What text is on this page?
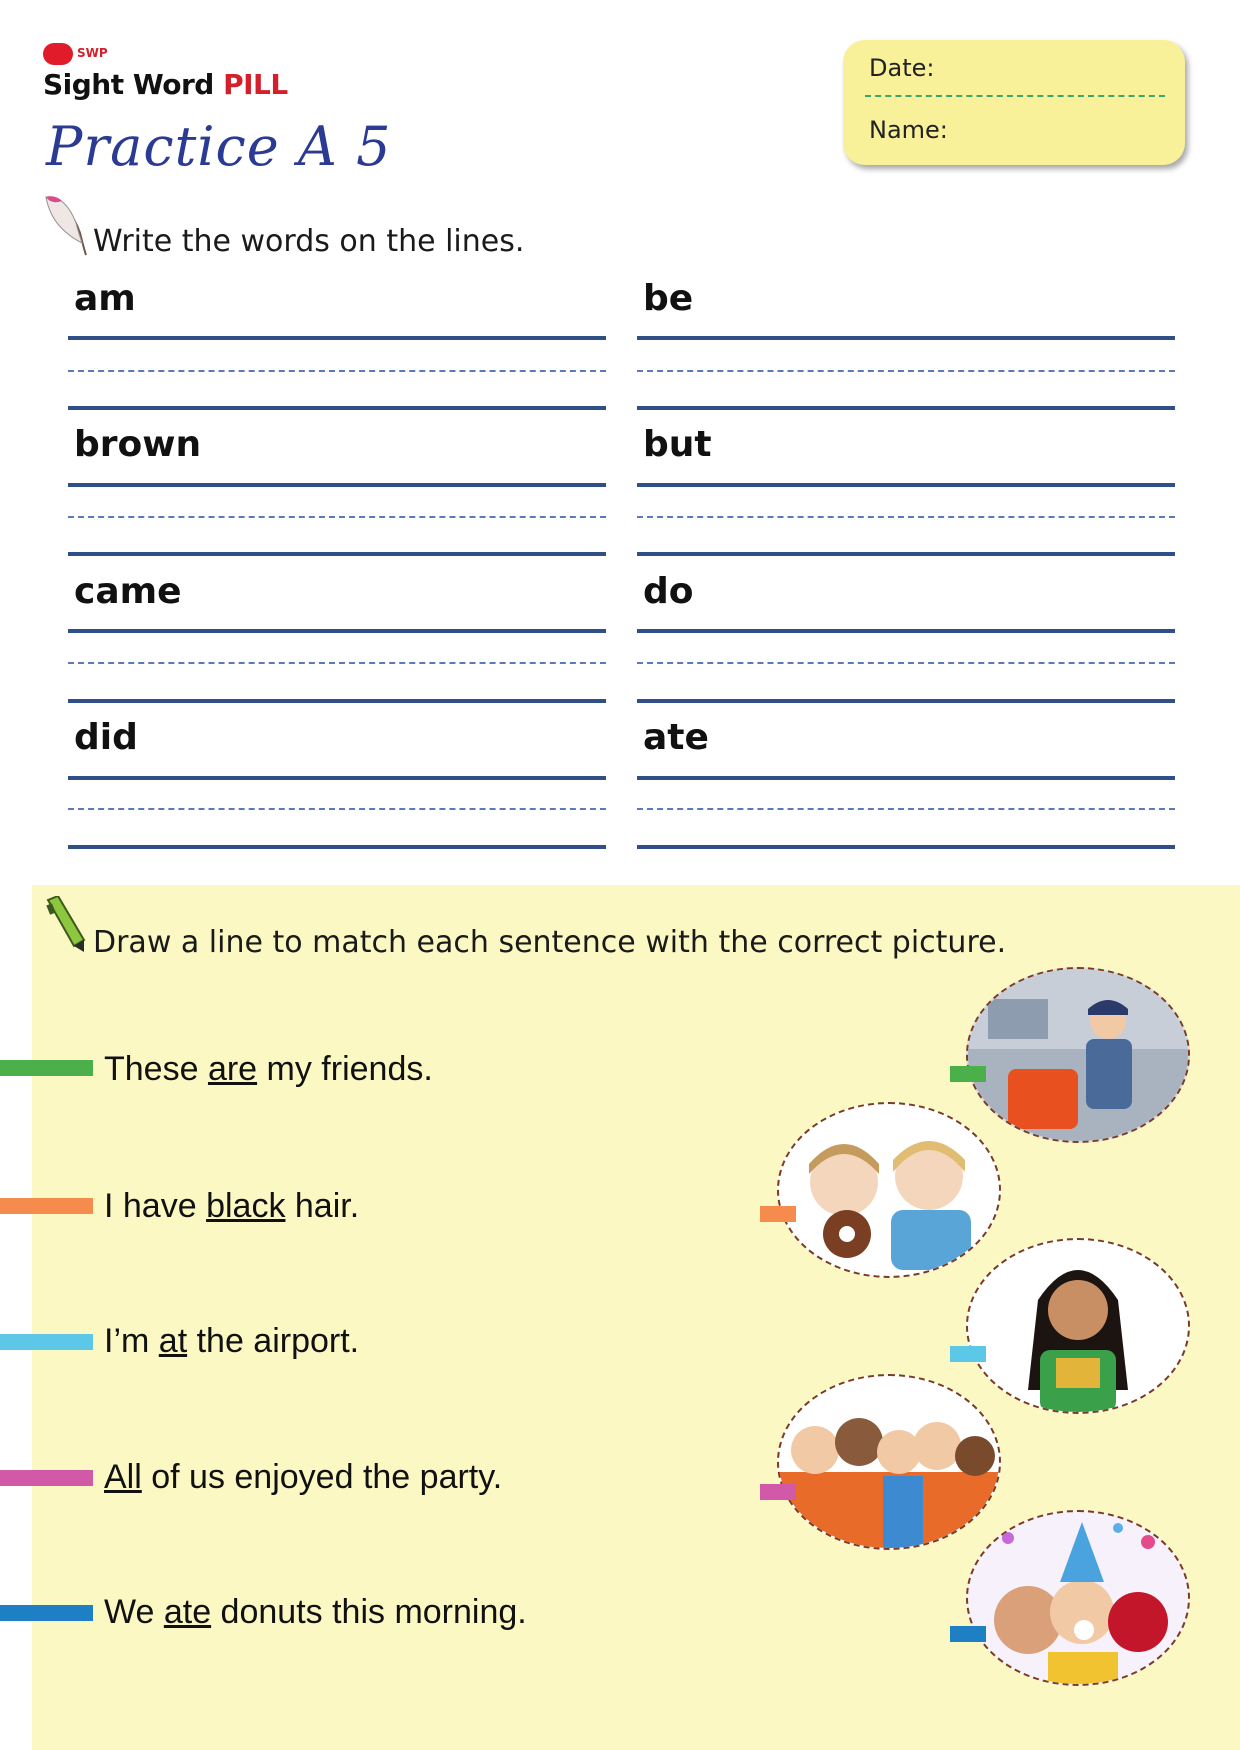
SWP
Sight Word PILL
Practice A 5
Date:
Name:
Write the words on the lines.
am	be
brown	but
came	do
did	ate
Draw a line to match each sentence with the correct picture.
These are my friends.
I have black hair.
I’m at the airport.
All of us enjoyed the party.
We ate donuts this morning.
